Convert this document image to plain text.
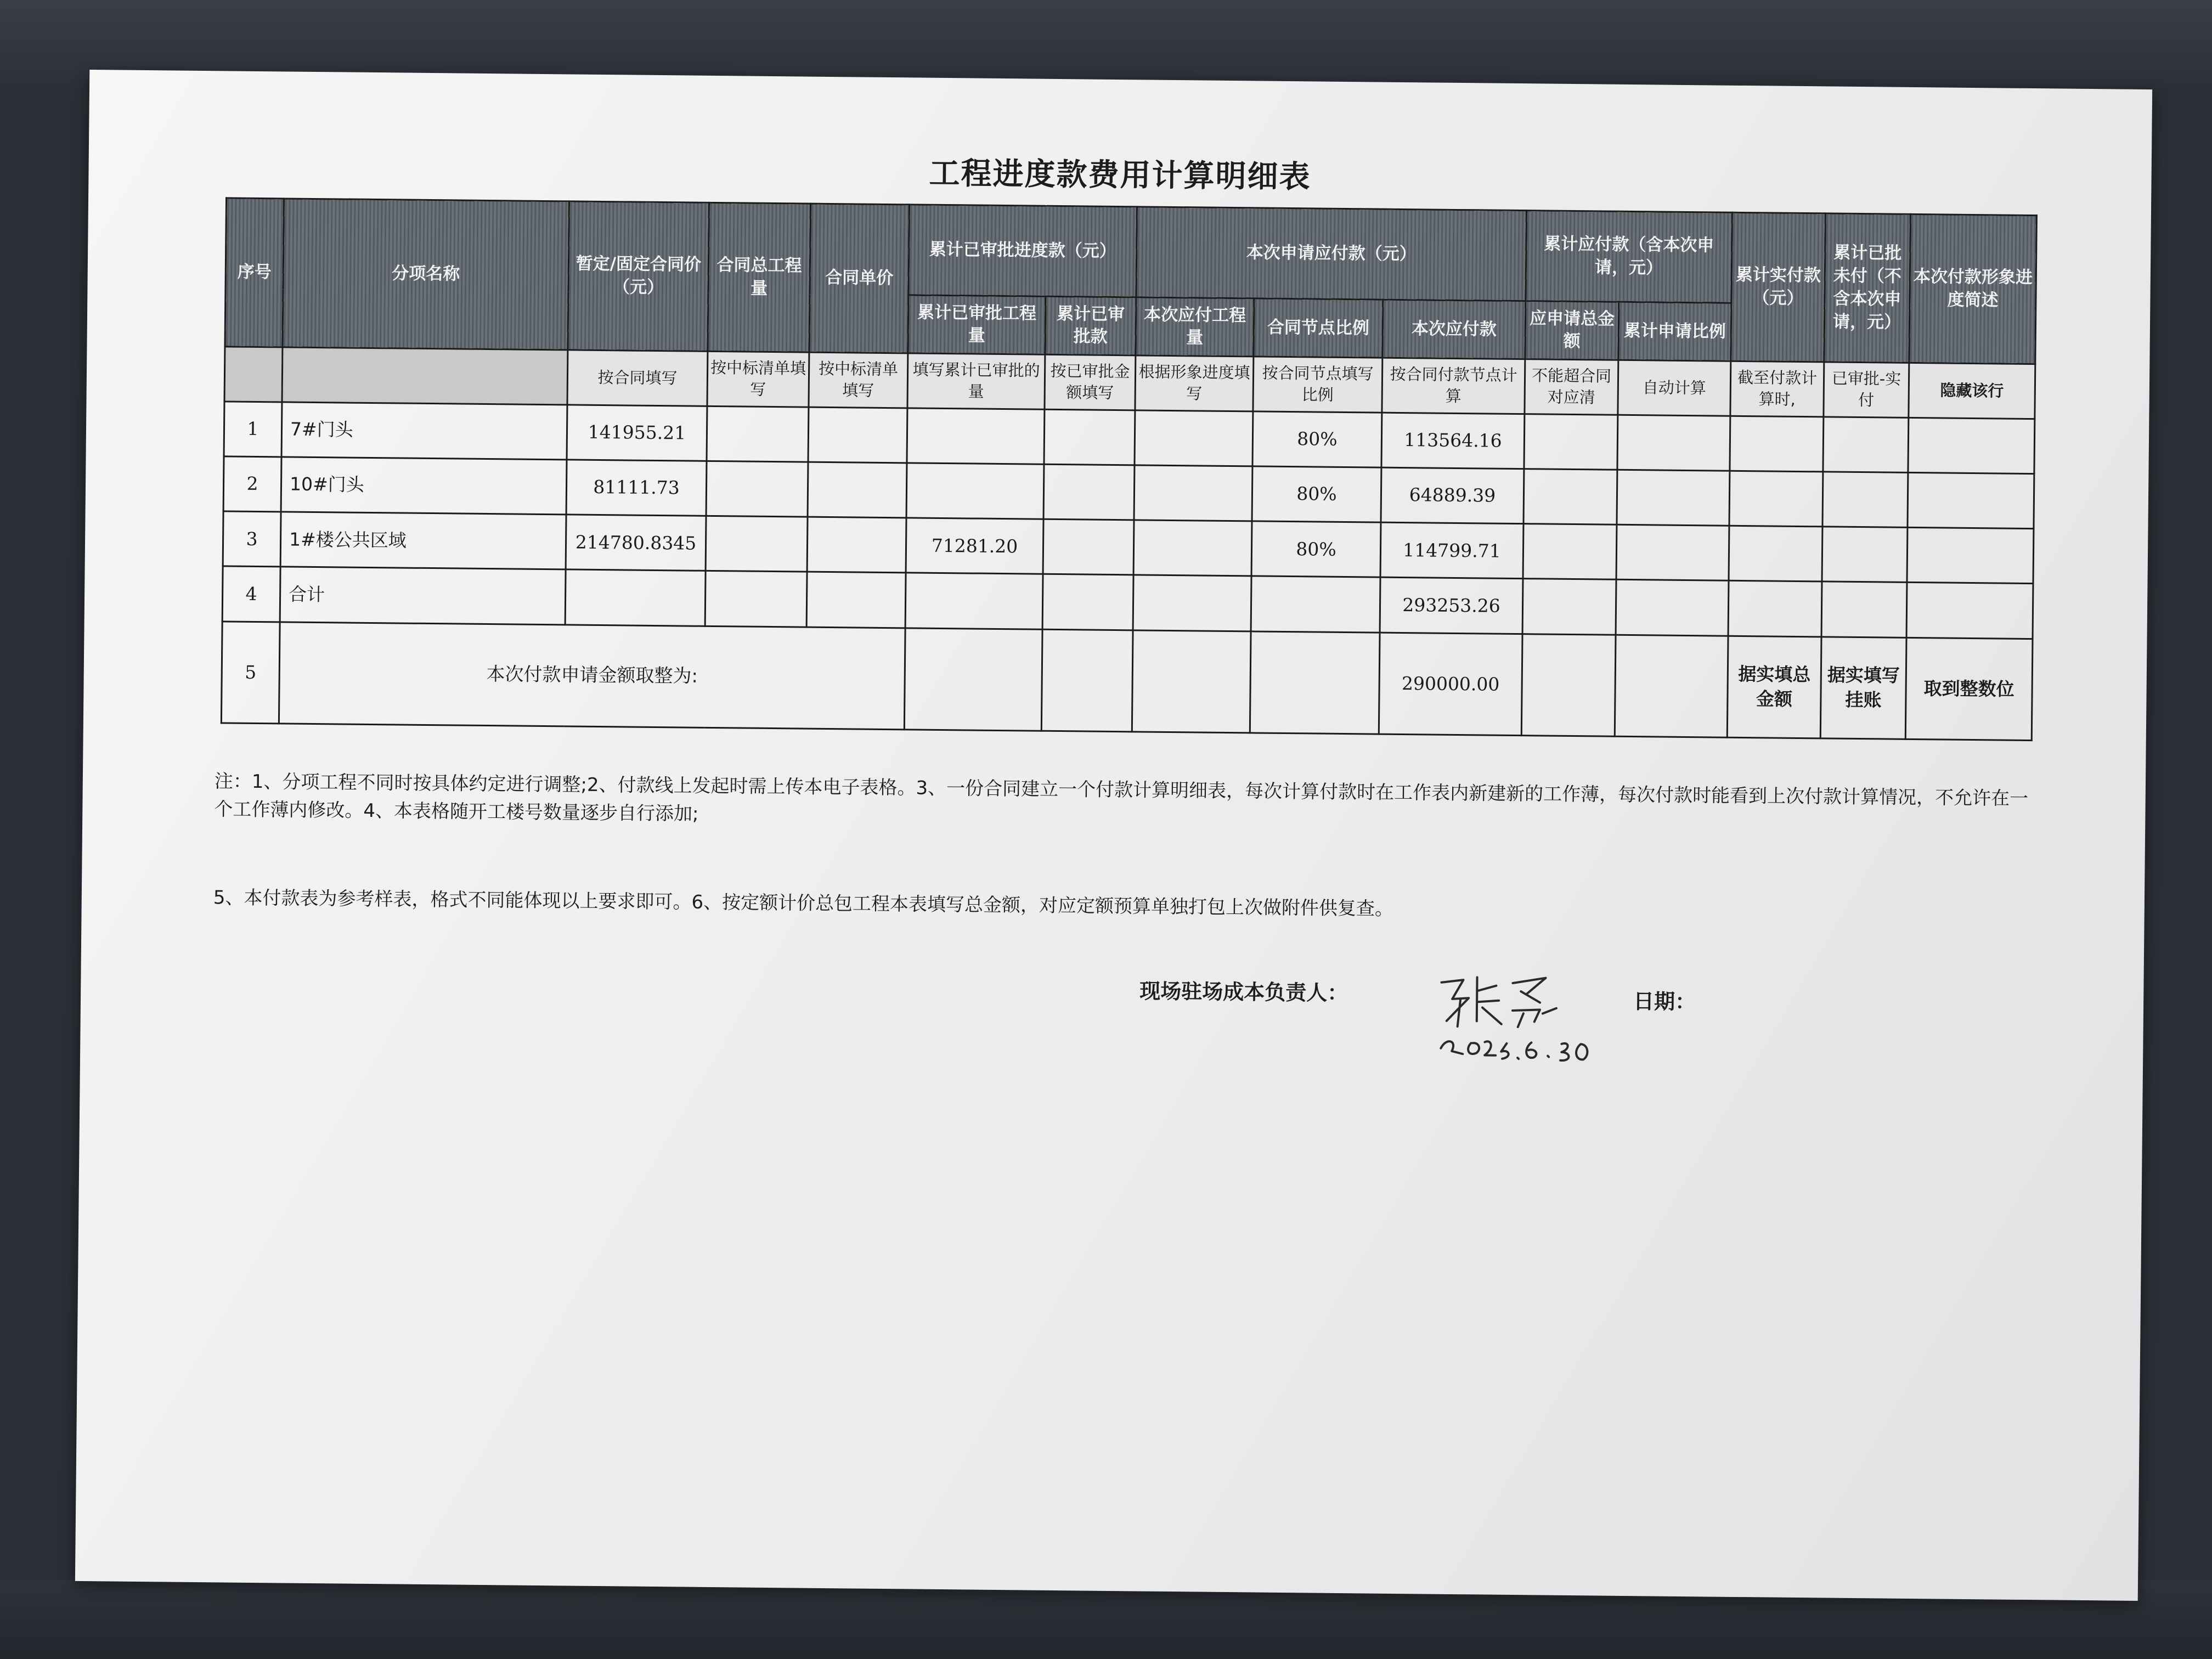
工程进度款费用计算明细表
序号	分项名称	暂定/固定合同价（元）	合同总工程量	合同单价	累计已审批进度款（元）		本次申请应付款（元）			累计应付款（含本次申请，元）		累计实付款（元）	累计已批未付（不含本次申请，元）	本次付款形象进度简述
					累计已审批工程量	累计已审批款	本次应付工程量	合同节点比例	本次应付款	应申请总金额	累计申请比例			
		按合同填写	按中标清单填写	按中标清单填写	填写累计已审批的量	按已审批金额填写	根据形象进度填写	按合同节点填写比例	按合同付款节点计算	不能超合同对应清	自动计算	截至付款计算时,	已审批-实付	隐藏该行
1	7#门头	141955.21						80%	113564.16					
2	10#门头	81111.73						80%	64889.39					
3	1#楼公共区域	214780.8345			71281.20			80%	114799.71					
4	合计								293253.26					
5	本次付款申请金额取整为:								290000.00			据实填总金额	据实填写挂账	取到整数位

注：1、分项工程不同时按具体约定进行调整;2、付款线上发起时需上传本电子表格。3、一份合同建立一个付款计算明细表，每次计算付款时在工作表内新建新的工作薄，每次付款时能看到上次付款计算情况，不允许在一个工作薄内修改。4、本表格随开工楼号数量逐步自行添加;

5、本付款表为参考样表，格式不同能体现以上要求即可。6、按定额计价总包工程本表填写总金额，对应定额预算单独打包上次做附件供复查。

现场驻场成本负责人：	日期：
